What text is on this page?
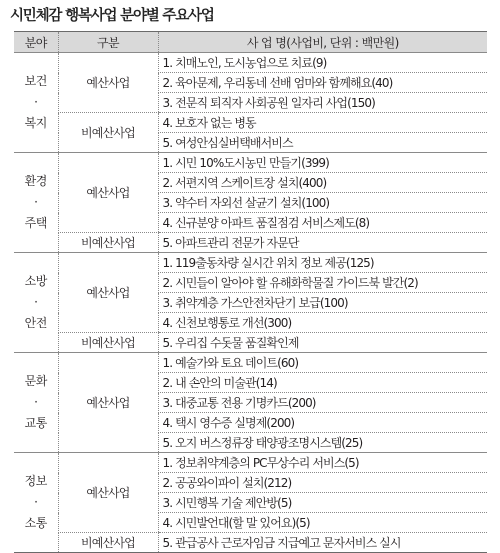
시민체감 행복사업 분야별 주요사업
분야	구분	사 업 명(사업비, 단위 : 백만원)

보건
·
복지	예산사업	1. 치매노인, 도시농업으로 치료(9)
		2. 육아문제, 우리동네 선배 엄마와 함께해요(40)
		3. 전문직 퇴직자 사회공원 일자리 사업(150)
	비예산사업	4. 보호자 없는 병동
		5. 여성안심실버택배서비스

환경
·
주택	예산사업	1. 시민 10%도시농민 만들기(399)
		2. 서편지역 스케이트장 설치(400)
		3. 약수터 자외선 살균기 설치(100)
		4. 신규분양 아파트 품질점검 서비스제도(8)
	비예산사업	5. 아파트관리 전문가 자문단

소방
·
안전	예산사업	1. 119출동차량 실시간 위치 정보 제공(125)
		2. 시민들이 알아야 할 유해화학물질 가이드북 발간(2)
		3. 취약계층 가스안전차단기 보급(100)
		4. 신천보행통로 개선(300)
	비예산사업	5. 우리집 수돗물 품질확인제

문화
·
교통	예산사업	1. 예술가와 토요 데이트(60)
		2. 내 손안의 미술관(14)
		3. 대중교통 전용 기명카드(200)
		4. 택시 영수증 실명제(200)
		5. 오지 버스정류장 태양광조명시스템(25)

정보
·
소통	예산사업	1. 정보취약계층의 PC무상수리 서비스(5)
		2. 공공와이파이 설치(212)
		3. 시민행복 기술 제안방(5)
		4. 시민발언대(할 말 있어요)(5)
	비예산사업	5. 관급공사 근로자임금 지급예고 문자서비스 실시
